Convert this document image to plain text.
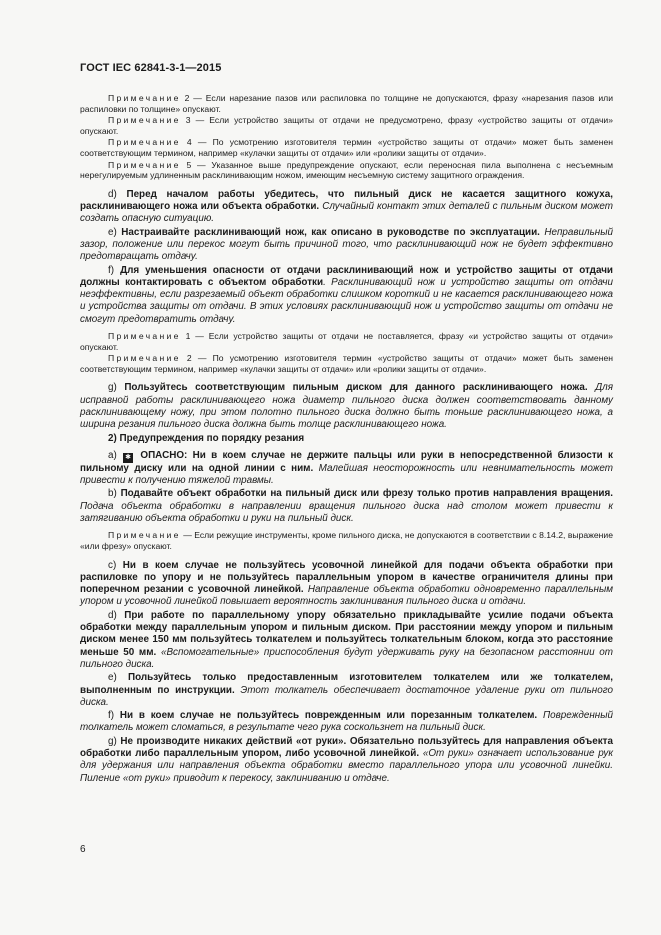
ГОСТ IEC 62841-3-1—2015

Примечание 2 — Если нарезание пазов или распиловка по толщине не допускаются, фразу «нарезания пазов или распиловки по толщине» опускают.

Примечание 3 — Если устройство защиты от отдачи не предусмотрено, фразу «устройство защиты от отдачи» опускают.

Примечание 4 — По усмотрению изготовителя термин «устройство защиты от отдачи» может быть заменен соответствующим термином, например «кулачки защиты от отдачи» или «ролики защиты от отдачи».

Примечание 5 — Указанное выше предупреждение опускают, если переносная пила выполнена с несъемным нерегулируемым удлиненным расклинивающим ножом, имеющим несъемную систему защитного ограждения.

d) Перед началом работы убедитесь, что пильный диск не касается защитного кожуха, расклинивающего ножа или объекта обработки. Случайный контакт этих деталей с пильным диском может создать опасную ситуацию.

e) Настраивайте расклинивающий нож, как описано в руководстве по эксплуатации. Неправильный зазор, положение или перекос могут быть причиной того, что расклинивающий нож не будет эффективно предотвращать отдачу.

f) Для уменьшения опасности от отдачи расклинивающий нож и устройство защиты от отдачи должны контактировать с объектом обработки. Расклинивающий нож и устройство защиты от отдачи неэффективны, если разрезаемый объект обработки слишком короткий и не касается расклинивающего ножа и устройства защиты от отдачи. В этих условиях расклинивающий нож и устройство защиты от отдачи не смогут предотвратить отдачу.

Примечание 1 — Если устройство защиты от отдачи не поставляется, фразу «и устройство защиты от отдачи» опускают.

Примечание 2 — По усмотрению изготовителя термин «устройство защиты от отдачи» может быть заменен соответствующим термином, например «кулачки защиты от отдачи» или «ролики защиты от отдачи».

g) Пользуйтесь соответствующим пильным диском для данного расклинивающего ножа. Для исправной работы расклинивающего ножа диаметр пильного диска должен соответствовать данному расклинивающему ножу, при этом полотно пильного диска должно быть тоньше расклинивающего ножа, а ширина резания пильного диска должна быть толще расклинивающего ножа.

2) Предупреждения по порядку резания

a) ✱ ОПАСНО: Ни в коем случае не держите пальцы или руки в непосредственной близости к пильному диску или на одной линии с ним. Малейшая неосторожность или невнимательность может привести к получению тяжелой травмы.

b) Подавайте объект обработки на пильный диск или фрезу только против направления вращения. Подача объекта обработки в направлении вращения пильного диска над столом может привести к затягиванию объекта обработки и руки на пильный диск.

Примечание — Если режущие инструменты, кроме пильного диска, не допускаются в соответствии с 8.14.2, выражение «или фрезу» опускают.

c) Ни в коем случае не пользуйтесь усовочной линейкой для подачи объекта обработки при распиловке по упору и не пользуйтесь параллельным упором в качестве ограничителя длины при поперечном резании с усовочной линейкой. Направление объекта обработки одновременно параллельным упором и усовочной линейкой повышает вероятность заклинивания пильного диска и отдачи.

d) При работе по параллельному упору обязательно прикладывайте усилие подачи объекта обработки между параллельным упором и пильным диском. При расстоянии между упором и пильным диском менее 150 мм пользуйтесь толкателем и пользуйтесь толкательным блоком, когда это расстояние меньше 50 мм. «Вспомогательные» приспособления будут удерживать руку на безопасном расстоянии от пильного диска.

e) Пользуйтесь только предоставленным изготовителем толкателем или же толкателем, выполненным по инструкции. Этот толкатель обеспечивает достаточное удаление руки от пильного диска.

f) Ни в коем случае не пользуйтесь поврежденным или порезанным толкателем. Поврежденный толкатель может сломаться, в результате чего рука соскользнет на пильный диск.

g) Не производите никаких действий «от руки». Обязательно пользуйтесь для направления объекта обработки либо параллельным упором, либо усовочной линейкой. «От руки» означает использование рук для удержания или направления объекта обработки вместо параллельного упора или усовочной линейки. Пиление «от руки» приводит к перекосу, заклиниванию и отдаче.

6
